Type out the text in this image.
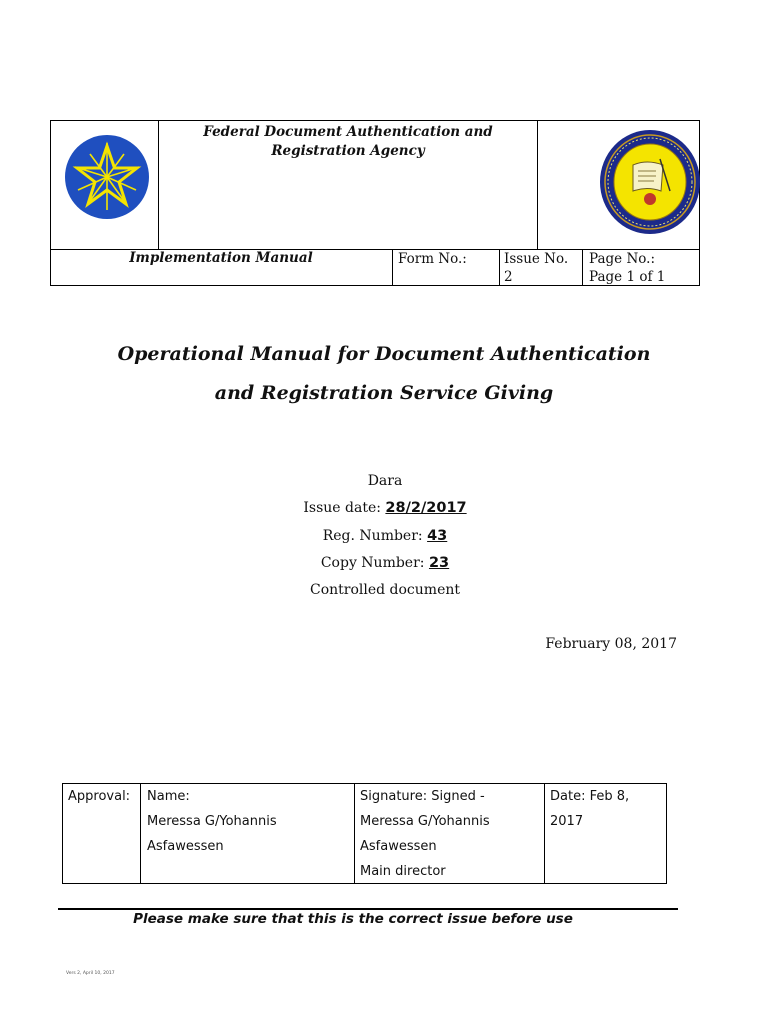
Federal Document Authentication and Registration Agency
Implementation Manual	Form No.:	Issue No.
2
Page No.:
Page 1 of 1
Operational Manual for Document Authentication
and Registration Service Giving
Dara
Issue date: 28/2/2017
Reg. Number: 43
Copy Number: 23
Controlled document
February 08, 2017
Approval: Name:
Meressa G/Yohannis
Asfawessen
Signature: Signed -
Meressa G/Yohannis
Asfawessen
Main director
Date: Feb 8,
2017
Please make sure that this is the correct issue before use
Vers 2, April 10, 2017
